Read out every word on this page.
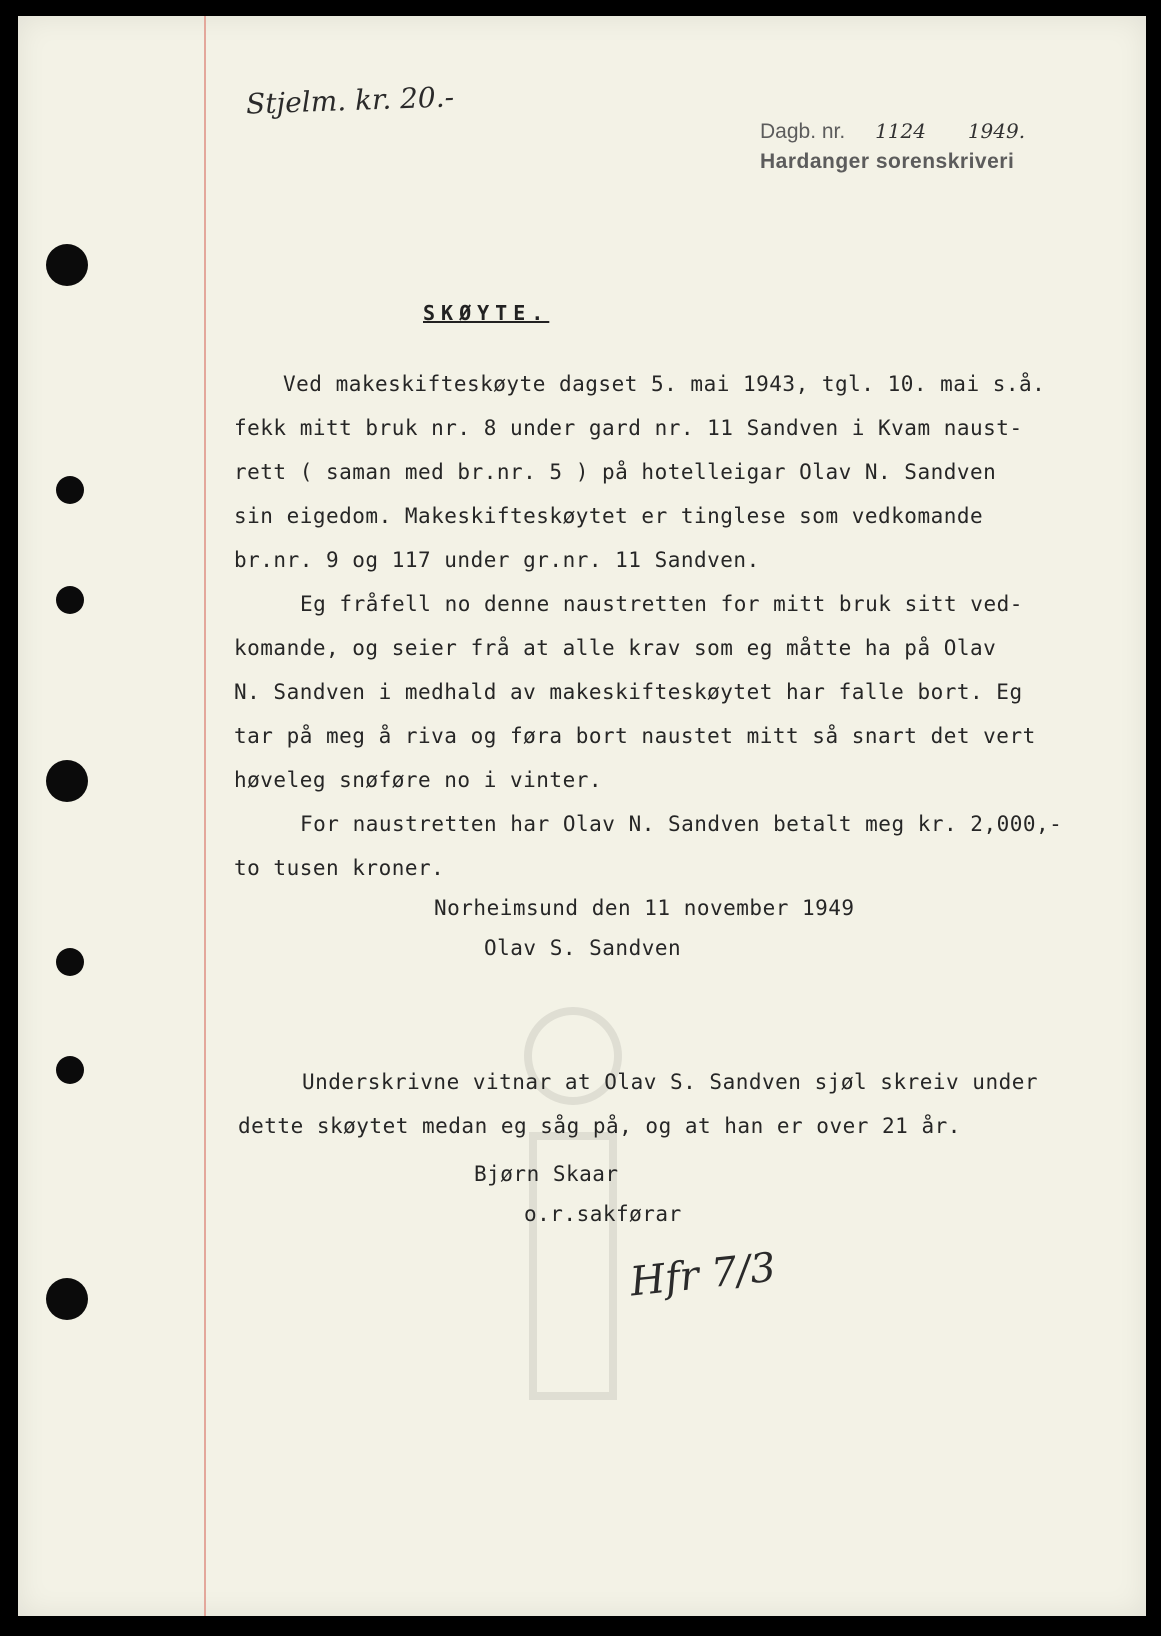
Stjelm. kr. 20.-
Dagb. nr. 1124 1949.
Hardanger sorenskriveri
SKØYTE.
Ved makeskifteskøyte dagset 5. mai 1943, tgl. 10. mai s.å.
fekk mitt bruk nr. 8 under gard nr. 11 Sandven i Kvam naust-
rett ( saman med br.nr. 5 ) på hotelleigar Olav N. Sandven
sin eigedom. Makeskifteskøytet er tinglese som vedkomande
br.nr. 9 og 117 under gr.nr. 11 Sandven.
Eg fråfell no denne naustretten for mitt bruk sitt ved-
komande, og seier frå at alle krav som eg måtte ha på Olav
N. Sandven i medhald av makeskifteskøytet har falle bort. Eg
tar på meg å riva og føra bort naustet mitt så snart det vert
høveleg snøføre no i vinter.
For naustretten har Olav N. Sandven betalt meg kr. 2,000,-
to tusen kroner.
Norheimsund den 11 november 1949
Olav S. Sandven
Underskrivne vitnar at Olav S. Sandven sjøl skreiv under
dette skøytet medan eg såg på, og at han er over 21 år.
Bjørn Skaar
o.r.sakførar
Hfr 7/3
